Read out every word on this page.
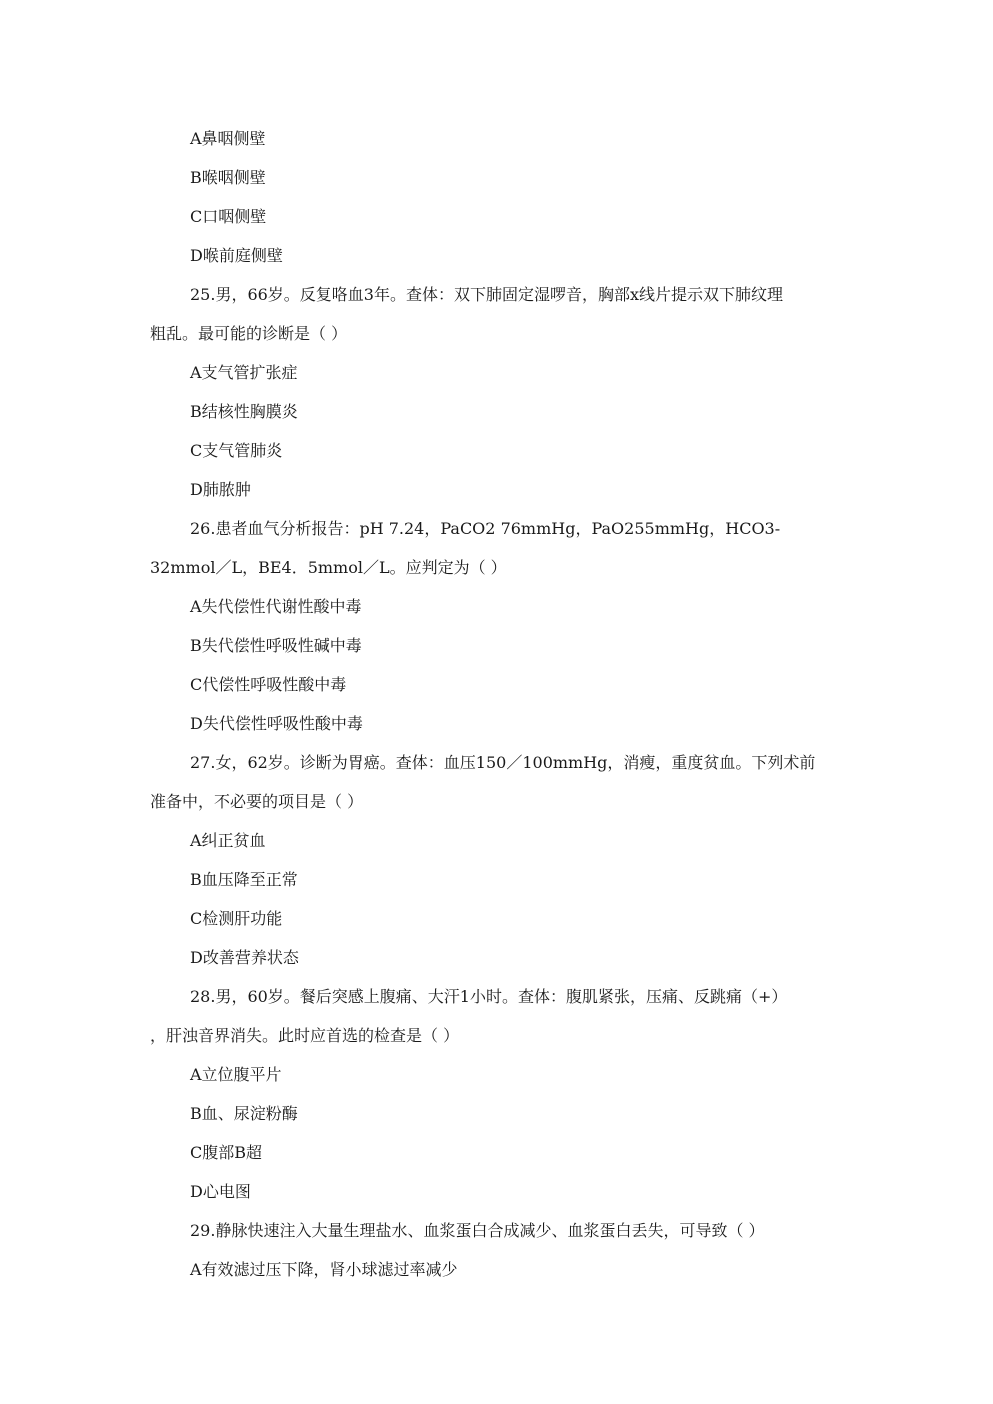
A鼻咽侧壁
B喉咽侧壁
C口咽侧壁
D喉前庭侧壁
25.男，66岁。反复咯血3年。查体：双下肺固定湿啰音，胸部x线片提示双下肺纹理
粗乱。最可能的诊断是（ ）
A支气管扩张症
B结核性胸膜炎
C支气管肺炎
D肺脓肿
26.患者血气分析报告：pH 7.24，PaCO2 76mmHg，PaO255mmHg，HCO3-
32mmol／L，BE4．5mmol／L。应判定为（ ）
A失代偿性代谢性酸中毒
B失代偿性呼吸性碱中毒
C代偿性呼吸性酸中毒
D失代偿性呼吸性酸中毒
27.女，62岁。诊断为胃癌。查体：血压150／100mmHg，消瘦，重度贫血。下列术前
准备中，不必要的项目是（ ）
A纠正贫血
B血压降至正常
C检测肝功能
D改善营养状态
28.男，60岁。餐后突感上腹痛、大汗1小时。查体：腹肌紧张，压痛、反跳痛（+）
，肝浊音界消失。此时应首选的检查是（ ）
A立位腹平片
B血、尿淀粉酶
C腹部B超
D心电图
29.静脉快速注入大量生理盐水、血浆蛋白合成减少、血浆蛋白丢失，可导致（ ）
A有效滤过压下降，肾小球滤过率减少
